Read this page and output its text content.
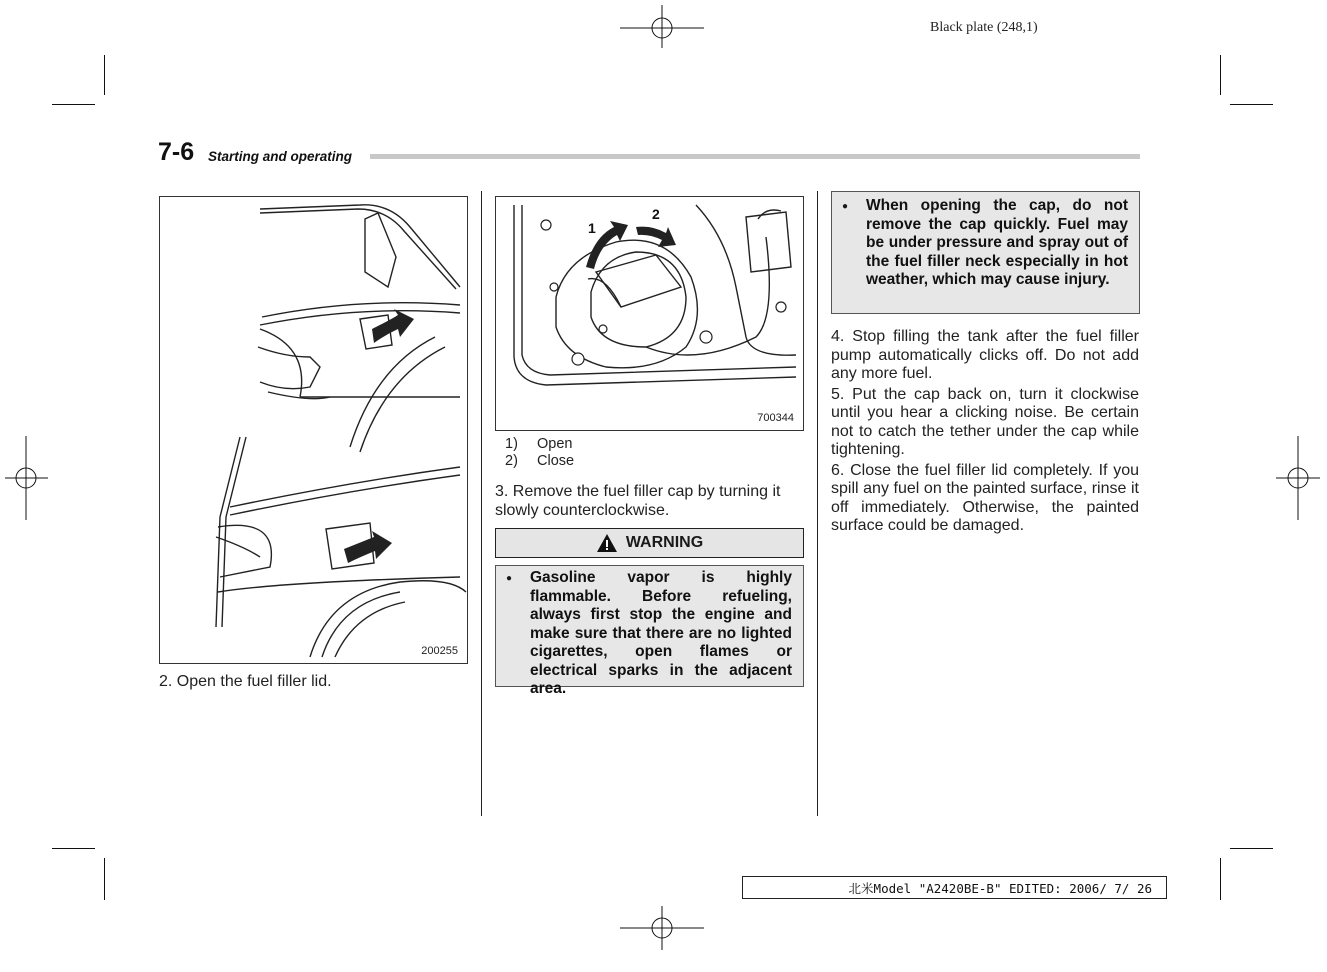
Black plate (248,1)
7-6 Starting and operating
200255

2. Open the fuel filler lid.

1
2
700344
1) Open
2) Close

3. Remove the fuel filler cap by turning it slowly counterclockwise.

WARNING
● Gasoline vapor is highly flammable. Before refueling, always first stop the engine and make sure that there are no lighted cigarettes, open flames or electrical sparks in the adjacent area.

● When opening the cap, do not remove the cap quickly. Fuel may be under pressure and spray out of the fuel filler neck especially in hot weather, which may cause injury.

4. Stop filling the tank after the fuel filler pump automatically clicks off. Do not add any more fuel.

5. Put the cap back on, turn it clockwise until you hear a clicking noise. Be certain not to catch the tether under the cap while tightening.

6. Close the fuel filler lid completely. If you spill any fuel on the painted surface, rinse it off immediately. Otherwise, the painted surface could be damaged.

北米Model "A2420BE-B" EDITED: 2006/ 7/ 26
